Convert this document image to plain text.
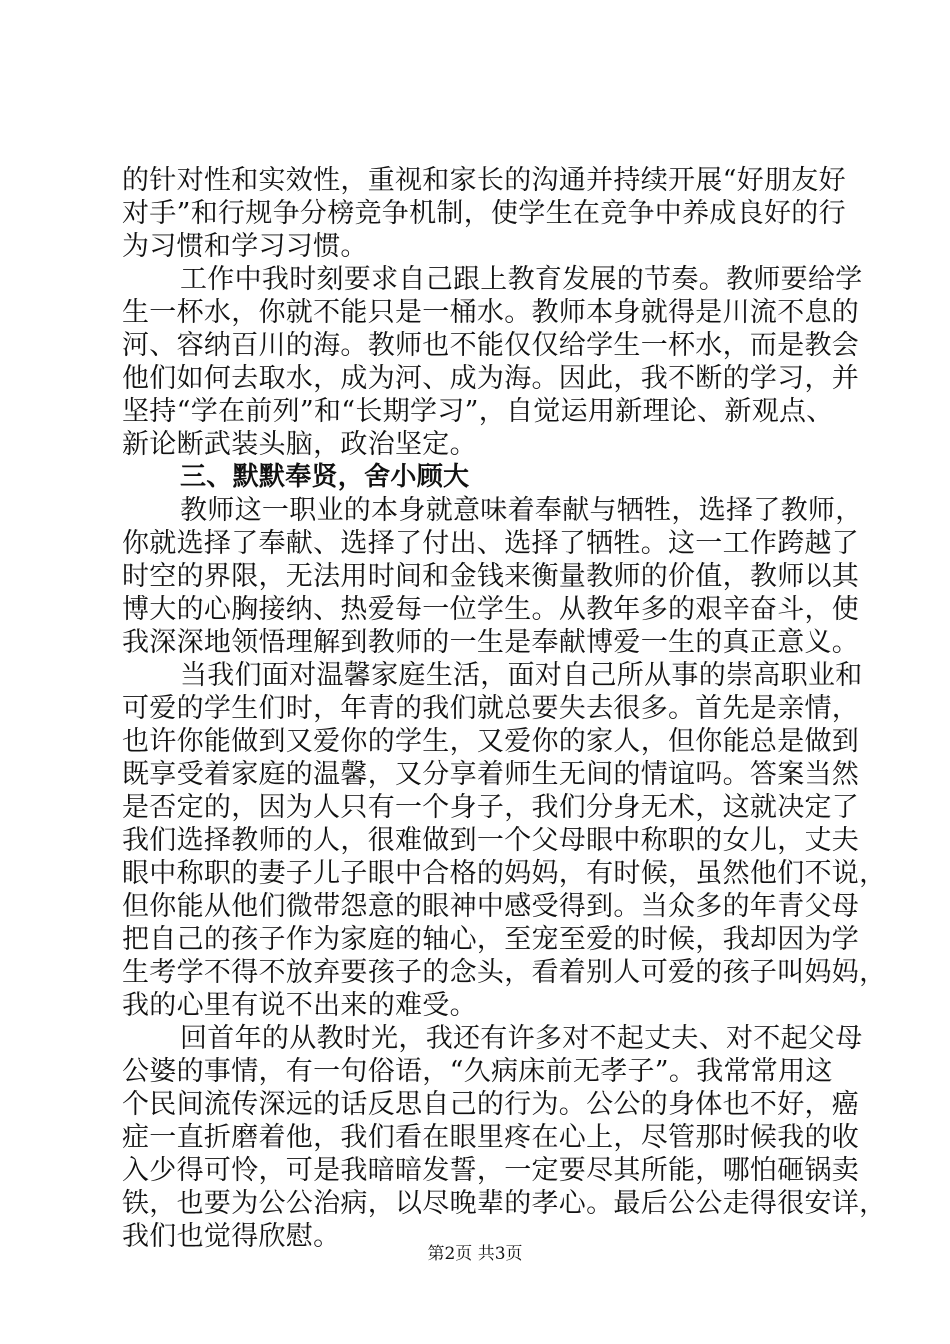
的针对性和实效性，重视和家长的沟通并持续开展“好朋友好
对手”和行规争分榜竞争机制，使学生在竞争中养成良好的行
为习惯和学习习惯。
工作中我时刻要求自己跟上教育发展的节奏。教师要给学
生一杯水，你就不能只是一桶水。教师本身就得是川流不息的
河、容纳百川的海。教师也不能仅仅给学生一杯水，而是教会
他们如何去取水，成为河、成为海。因此，我不断的学习，并
坚持“学在前列”和“长期学习”，自觉运用新理论、新观点、
新论断武装头脑，政治坚定。
三、默默奉贤，舍小顾大
教师这一职业的本身就意味着奉献与牺牲，选择了教师，
你就选择了奉献、选择了付出、选择了牺牲。这一工作跨越了
时空的界限，无法用时间和金钱来衡量教师的价值，教师以其
博大的心胸接纳、热爱每一位学生。从教年多的艰辛奋斗，使
我深深地领悟理解到教师的一生是奉献博爱一生的真正意义。
当我们面对温馨家庭生活，面对自己所从事的崇高职业和
可爱的学生们时，年青的我们就总要失去很多。首先是亲情，
也许你能做到又爱你的学生，又爱你的家人，但你能总是做到
既享受着家庭的温馨，又分享着师生无间的情谊吗。答案当然
是否定的，因为人只有一个身子，我们分身无术，这就决定了
我们选择教师的人，很难做到一个父母眼中称职的女儿，丈夫
眼中称职的妻子儿子眼中合格的妈妈，有时候，虽然他们不说，
但你能从他们微带怨意的眼神中感受得到。当众多的年青父母
把自己的孩子作为家庭的轴心，至宠至爱的时候，我却因为学
生考学不得不放弃要孩子的念头，看着别人可爱的孩子叫妈妈，
我的心里有说不出来的难受。
回首年的从教时光，我还有许多对不起丈夫、对不起父母
公婆的事情，有一句俗语，“久病床前无孝子”。我常常用这
个民间流传深远的话反思自己的行为。公公的身体也不好，癌
症一直折磨着他，我们看在眼里疼在心上，尽管那时候我的收
入少得可怜，可是我暗暗发誓，一定要尽其所能，哪怕砸锅卖
铁，也要为公公治病，以尽晚辈的孝心。最后公公走得很安详，
我们也觉得欣慰。
第2页 共3页
